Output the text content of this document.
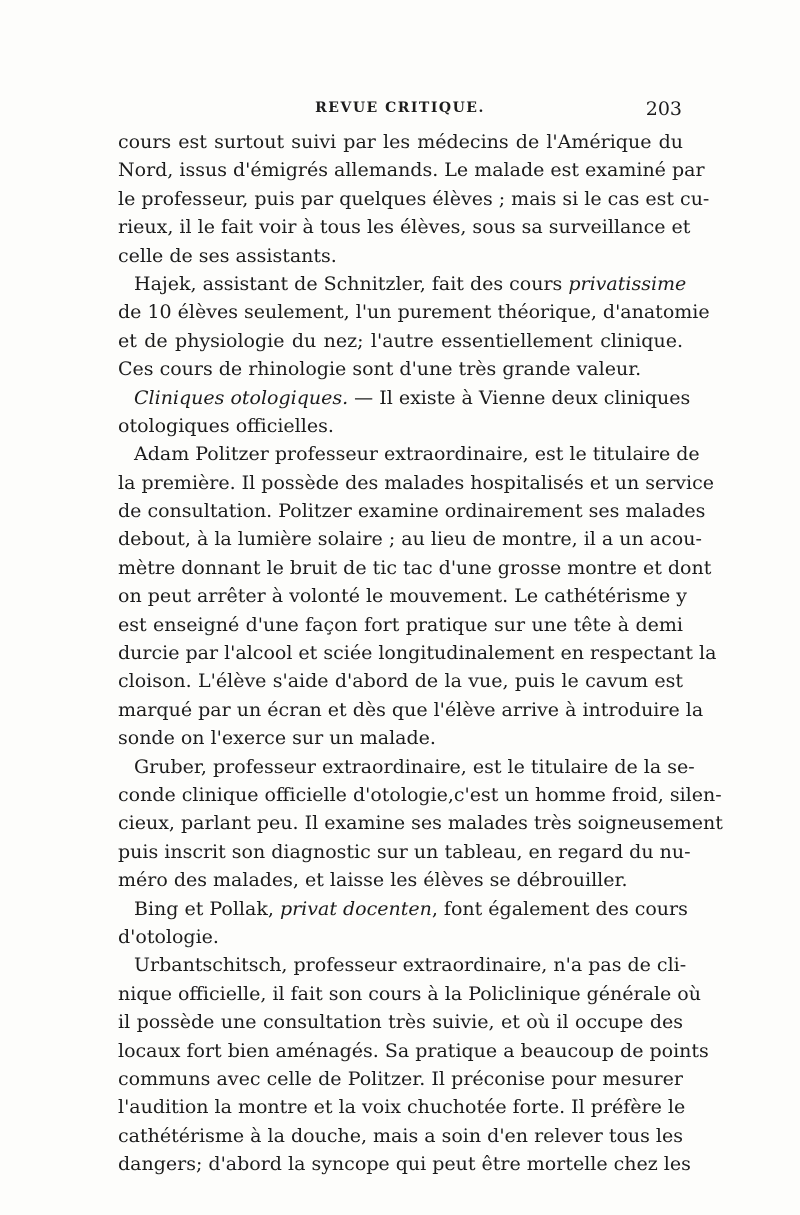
REVUE CRITIQUE.	203
cours est surtout suivi par les médecins de l'Amérique du
Nord, issus d'émigrés allemands. Le malade est examiné par
le professeur, puis par quelques élèves ; mais si le cas est cu-
rieux, il le fait voir à tous les élèves, sous sa surveillance et
celle de ses assistants.
Hajek, assistant de Schnitzler, fait des cours privatissime
de 10 élèves seulement, l'un purement théorique, d'anatomie
et de physiologie du nez; l'autre essentiellement clinique.
Ces cours de rhinologie sont d'une très grande valeur.
Cliniques otologiques. — Il existe à Vienne deux cliniques
otologiques officielles.
Adam Politzer professeur extraordinaire, est le titulaire de
la première. Il possède des malades hospitalisés et un service
de consultation. Politzer examine ordinairement ses malades
debout, à la lumière solaire ; au lieu de montre, il a un acou-
mètre donnant le bruit de tic tac d'une grosse montre et dont
on peut arrêter à volonté le mouvement. Le cathétérisme y
est enseigné d'une façon fort pratique sur une tête à demi
durcie par l'alcool et sciée longitudinalement en respectant la
cloison. L'élève s'aide d'abord de la vue, puis le cavum est
marqué par un écran et dès que l'élève arrive à introduire la
sonde on l'exerce sur un malade.
Gruber, professeur extraordinaire, est le titulaire de la se-
conde clinique officielle d'otologie,c'est un homme froid, silen-
cieux, parlant peu. Il examine ses malades très soigneusement
puis inscrit son diagnostic sur un tableau, en regard du nu-
méro des malades, et laisse les élèves se débrouiller.
Bing et Pollak, privat docenten, font également des cours
d'otologie.
Urbantschitsch, professeur extraordinaire, n'a pas de cli-
nique officielle, il fait son cours à la Policlinique générale où
il possède une consultation très suivie, et où il occupe des
locaux fort bien aménagés. Sa pratique a beaucoup de points
communs avec celle de Politzer. Il préconise pour mesurer
l'audition la montre et la voix chuchotée forte. Il préfère le
cathétérisme à la douche, mais a soin d'en relever tous les
dangers; d'abord la syncope qui peut être mortelle chez les
